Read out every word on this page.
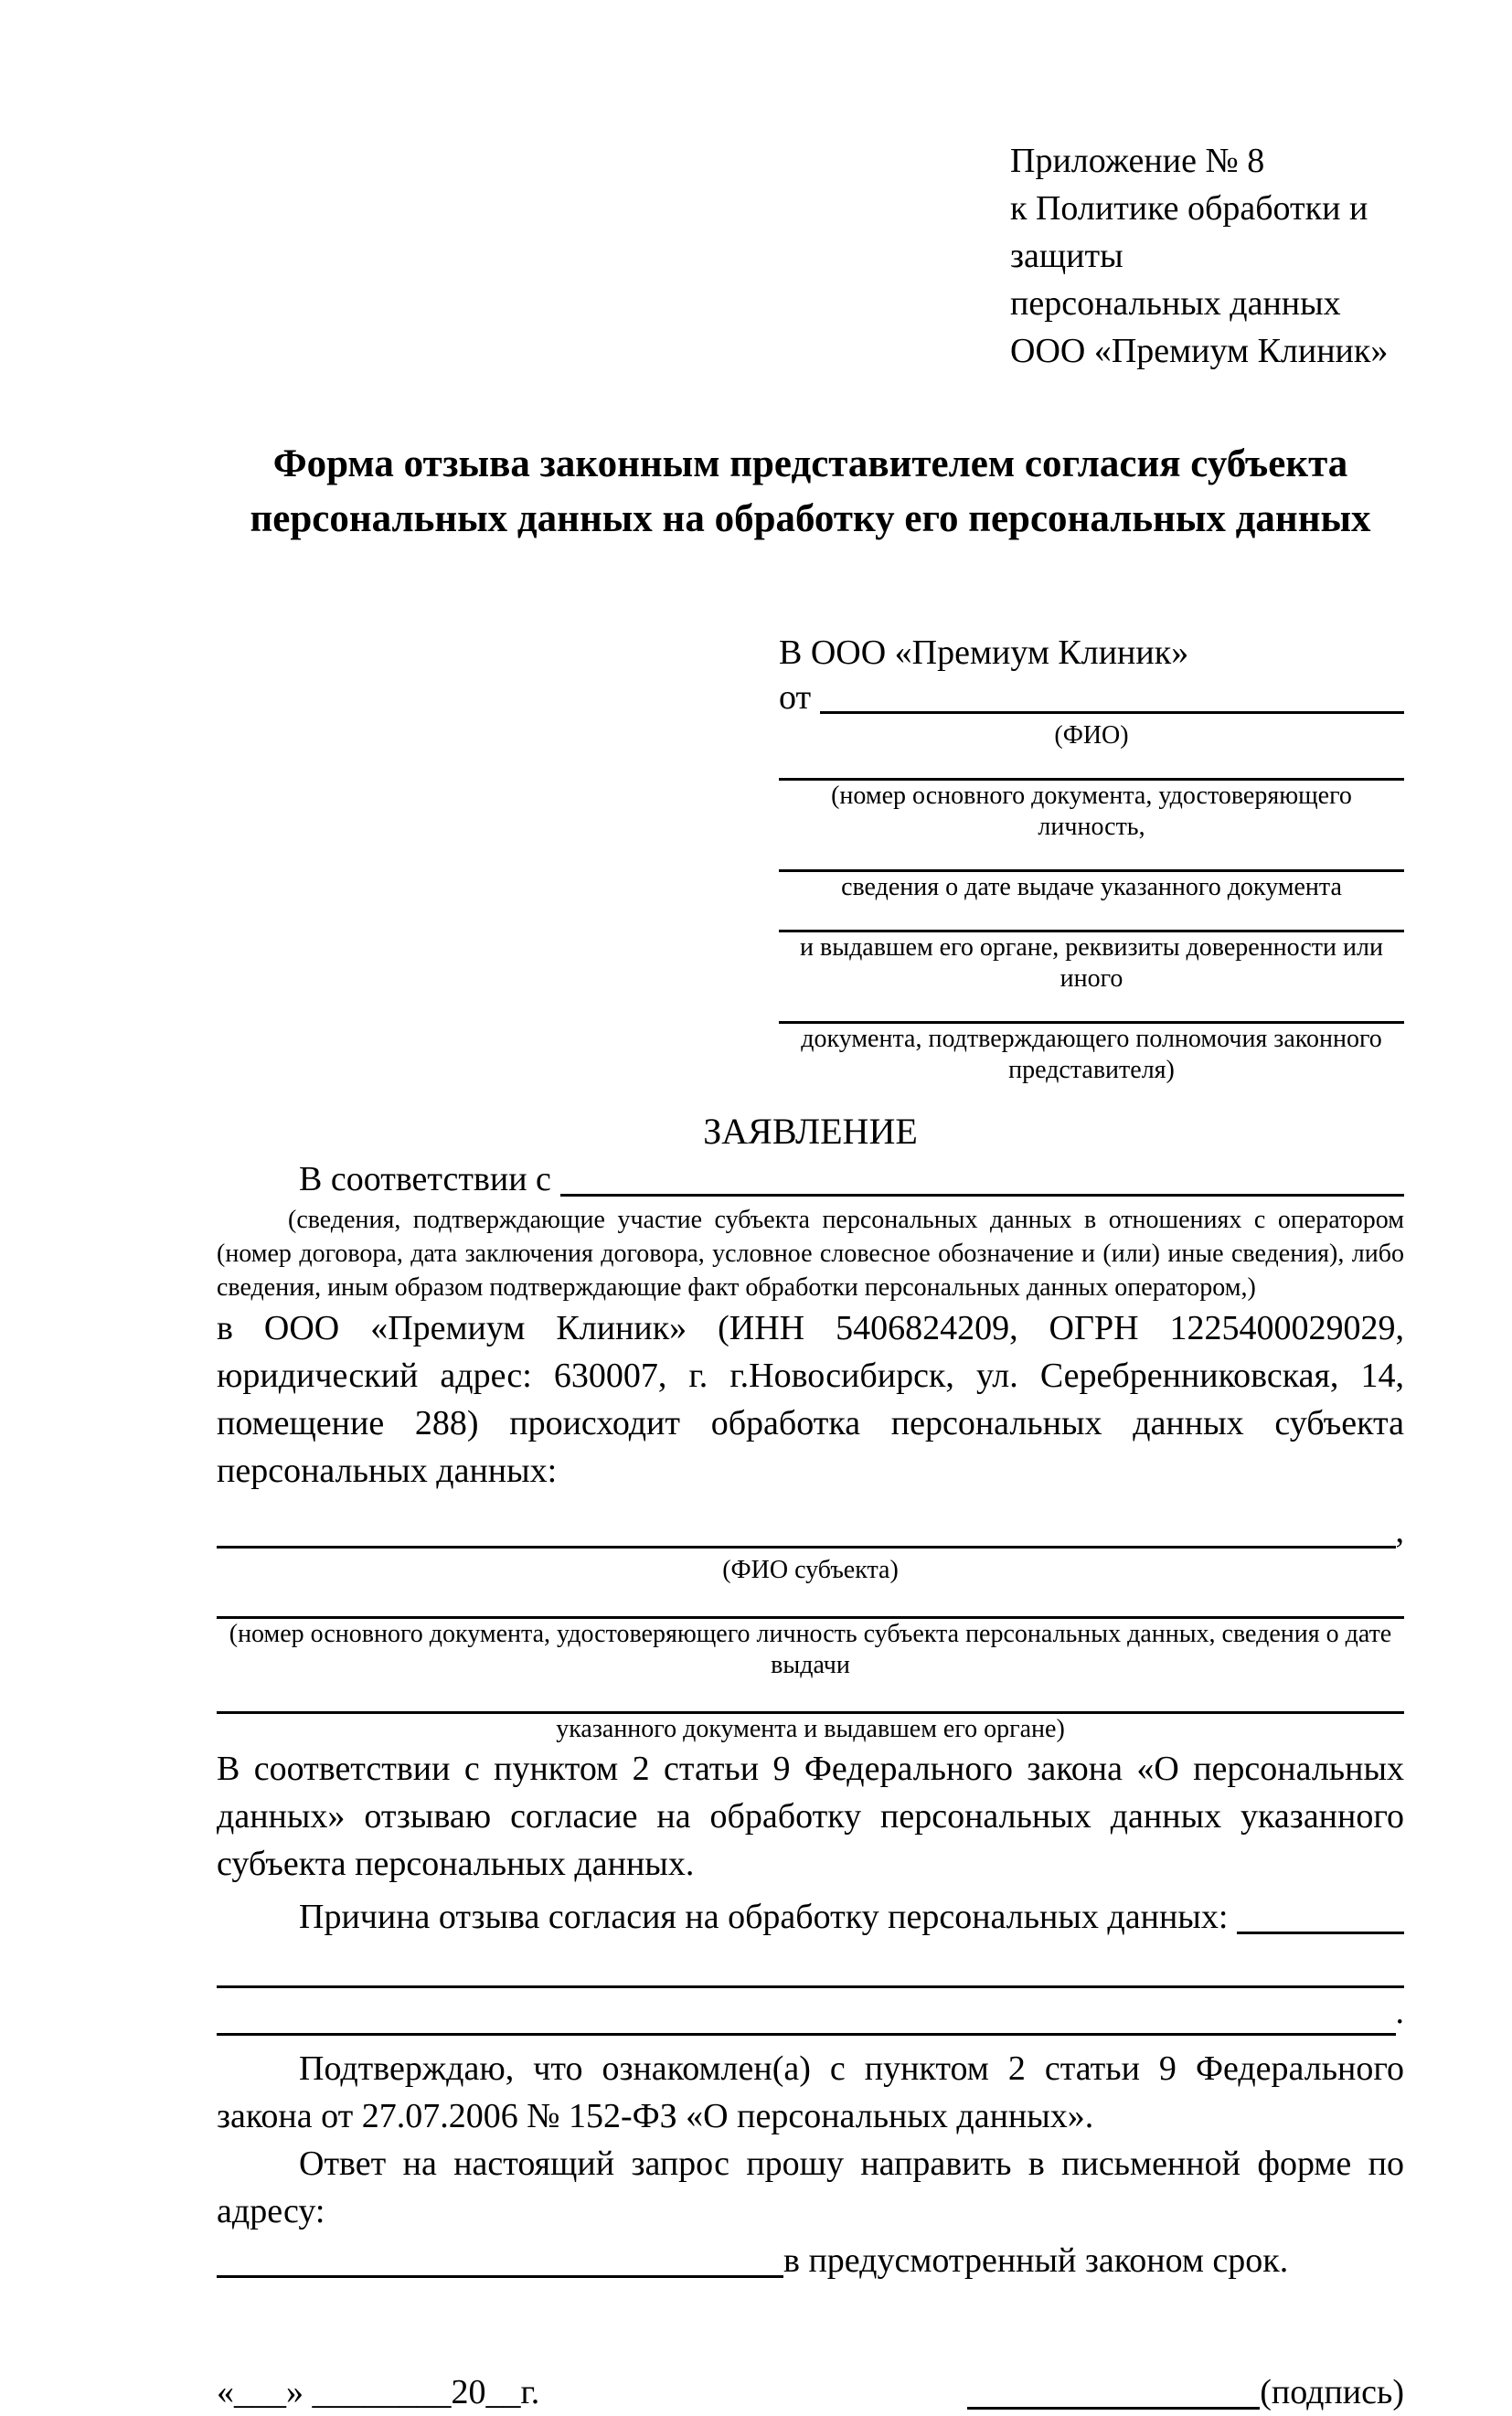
Приложение № 8
к Политике обработки и защиты
персональных данных
ООО «Премиум Клиник»
Форма отзыва законным представителем согласия субъекта
персональных данных на обработку его персональных данных
В ООО «Премиум Клиник»
от
(ФИО)
(номер основного документа, удостоверяющего личность,
сведения о дате выдаче указанного документа
и выдавшем его органе, реквизиты доверенности или иного
документа, подтверждающего полномочия законного представителя)
ЗАЯВЛЕНИЕ
В соответствии с
(сведения, подтверждающие участие субъекта персональных данных в отношениях с оператором (номер договора, дата заключения договора, условное словесное обозначение и (или) иные сведения), либо сведения, иным образом подтверждающие факт обработки персональных данных оператором,)
в ООО «Премиум Клиник» (ИНН 5406824209, ОГРН 1225400029029, юридический адрес: 630007, г. г.Новосибирск, ул. Серебренниковская, 14, помещение 288) происходит обработка персональных данных субъекта персональных данных:
,
(ФИО субъекта)
(номер основного документа, удостоверяющего личность субъекта персональных данных, сведения о дате выдачи
указанного документа и выдавшем его органе)
В соответствии с пунктом 2 статьи 9 Федерального закона «О персональных данных» отзываю согласие на обработку персональных данных указанного субъекта персональных данных.
Причина отзыва согласия на обработку персональных данных:
.
Подтверждаю, что ознакомлен(а) с пунктом 2 статьи 9 Федерального закона от 27.07.2006 № 152-ФЗ «О персональных данных».
Ответ на настоящий запрос прошу направить в письменной форме по адресу:
в предусмотренный законом срок.
«___» ________20__г.	(подпись)
